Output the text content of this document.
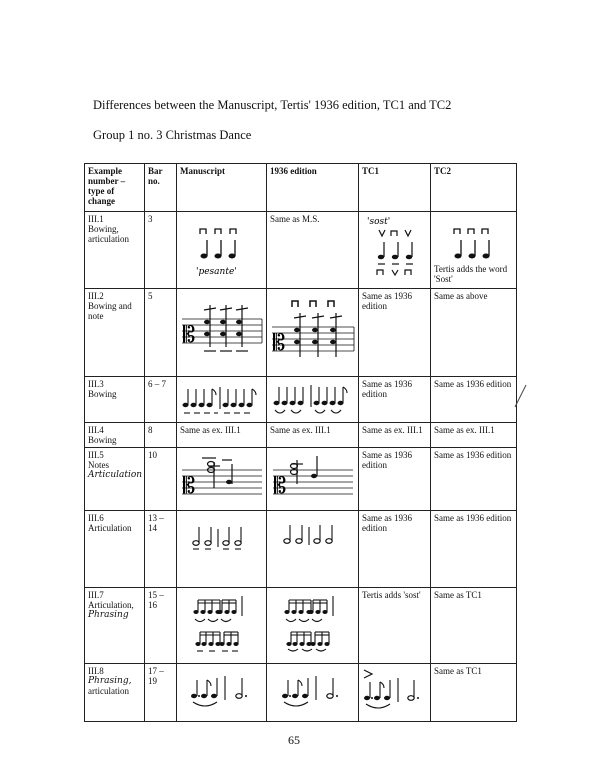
Differences between the Manuscript, Tertis' 1936 edition, TC1 and TC2
Group 1 no. 3 Christmas Dance
Example number – type of change	Bar no.	Manuscript	1936 edition	TC1	TC2

III.1
Bowing, articulation	3	'pesante'	Same as M.S.	'sost'	Tertis adds the word 'Sost'

III.2
Bowing and note	5	𝄡	𝄡	Same as 1936 edition	Same as above

III.3
Bowing	6 – 7			Same as 1936 edition	Same as 1936 edition

III.4
Bowing	8	Same as ex. III.1	Same as ex. III.1	Same as ex. III.1	Same as ex. III.1

III.5
Notes
Articulation	10	𝄡	𝄡	Same as 1936 edition	Same as 1936 edition

III.6
Articulation	13 – 14			Same as 1936 edition	Same as 1936 edition

III.7
Articulation,
Phrasing	15 – 16			Tertis adds 'sost'	Same as TC1

III.8
Phrasing,
articulation	17 – 19				Same as TC1
65
